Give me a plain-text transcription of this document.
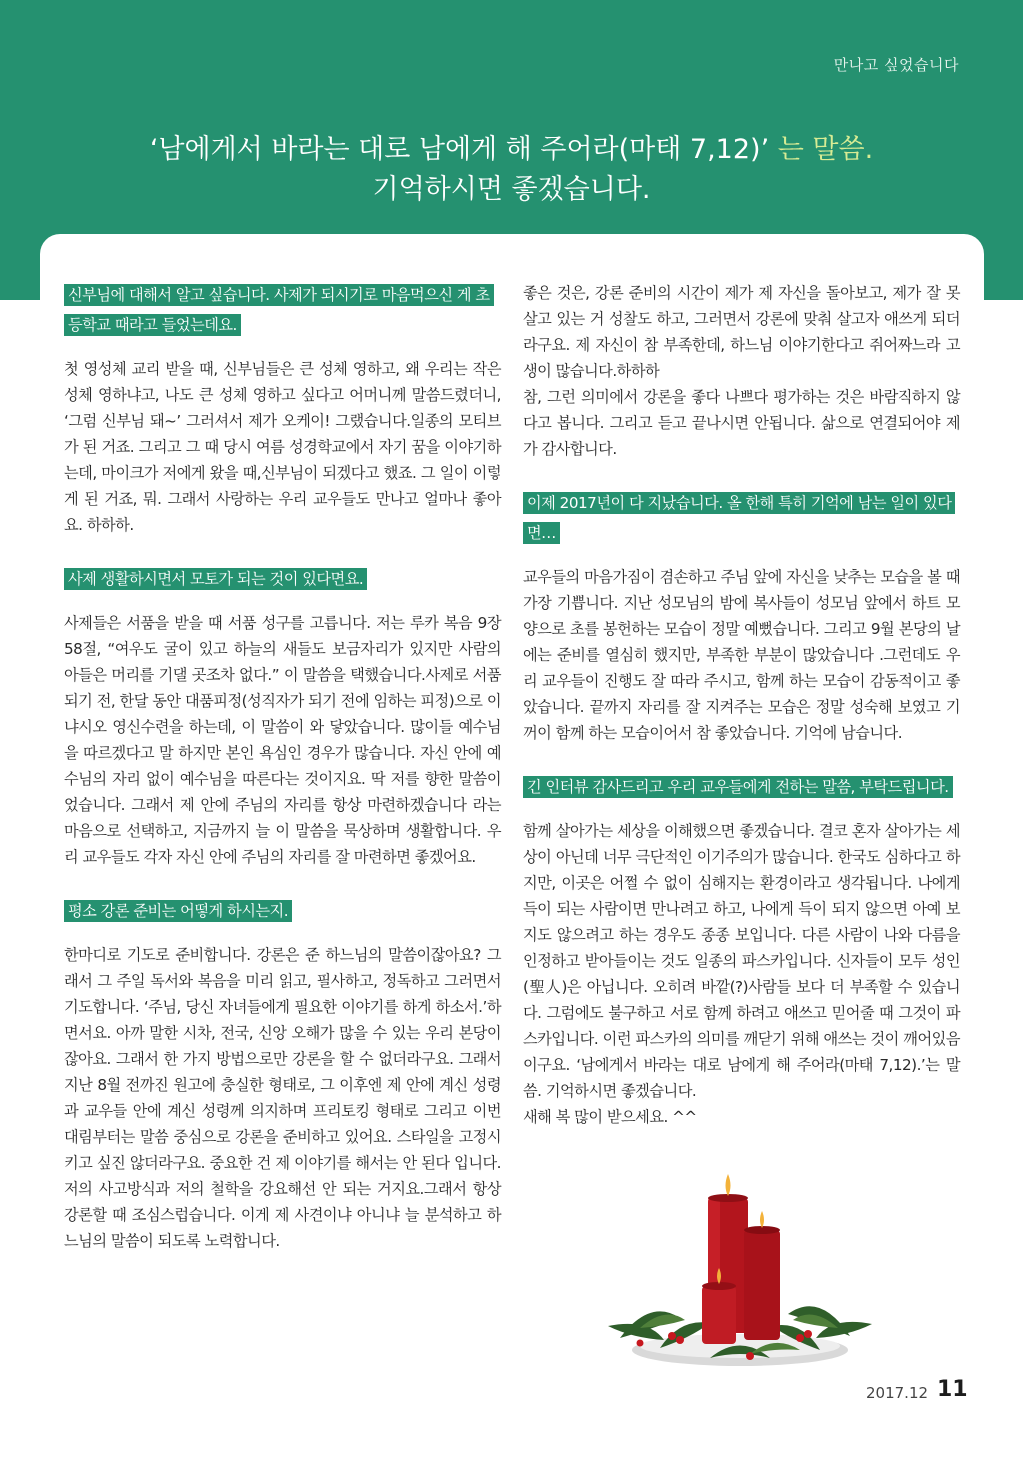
만나고 싶었습니다
‘남에게서 바라는 대로 남에게 해 주어라(마태 7,12)’ 는 말씀.
기억하시면 좋겠습니다.
신부님에 대해서 알고 싶습니다. 사제가 되시기로 마음먹으신 게 초등학교 때라고 들었는데요.

첫 영성체 교리 받을 때, 신부님들은 큰 성체 영하고, 왜 우리는 작은 성체 영하냐고, 나도 큰 성체 영하고 싶다고 어머니께 말씀드렸더니, ‘그럼 신부님 돼~’ 그러셔서 제가 오케이! 그랬습니다.일종의 모티브가 된 거죠. 그리고 그 때 당시 여름 성경학교에서 자기 꿈을 이야기하는데, 마이크가 저에게 왔을 때,신부님이 되겠다고 했죠. 그 일이 이렇게 된 거죠, 뭐. 그래서 사랑하는 우리 교우들도 만나고 얼마나 좋아요. 하하하.

사제 생활하시면서 모토가 되는 것이 있다면요.

사제들은 서품을 받을 때 서품 성구를 고릅니다. 저는 루카 복음 9장 58절, “여우도 굴이 있고 하늘의 새들도 보금자리가 있지만 사람의 아들은 머리를 기댈 곳조차 없다.” 이 말씀을 택했습니다.사제로 서품되기 전, 한달 동안 대품피정(성직자가 되기 전에 임하는 피정)으로 이냐시오 영신수련을 하는데, 이 말씀이 와 닿았습니다. 많이들 예수님을 따르겠다고 말 하지만 본인 욕심인 경우가 많습니다. 자신 안에 예수님의 자리 없이 예수님을 따른다는 것이지요. 딱 저를 향한 말씀이었습니다. 그래서 제 안에 주님의 자리를 항상 마련하겠습니다 라는 마음으로 선택하고, 지금까지 늘 이 말씀을 묵상하며 생활합니다. 우리 교우들도 각자 자신 안에 주님의 자리를 잘 마련하면 좋겠어요.

평소 강론 준비는 어떻게 하시는지.

한마디로 기도로 준비합니다. 강론은 준 하느님의 말씀이잖아요? 그래서 그 주일 독서와 복음을 미리 읽고, 필사하고, 정독하고 그러면서 기도합니다. ‘주님, 당신 자녀들에게 필요한 이야기를 하게 하소서.’하면서요. 아까 말한 시차, 전국, 신앙 오해가 많을 수 있는 우리 본당이잖아요. 그래서 한 가지 방법으로만 강론을 할 수 없더라구요. 그래서 지난 8월 전까진 원고에 충실한 형태로, 그 이후엔 제 안에 계신 성령과 교우들 안에 계신 성령께 의지하며 프리토킹 형태로 그리고 이번 대림부터는 말씀 중심으로 강론을 준비하고 있어요. 스타일을 고정시키고 싶진 않더라구요. 중요한 건 제 이야기를 해서는 안 된다 입니다. 저의 사고방식과 저의 철학을 강요해선 안 되는 거지요.그래서 항상 강론할 때 조심스럽습니다. 이게 제 사견이냐 아니냐 늘 분석하고 하느님의 말씀이 되도록 노력합니다.

좋은 것은, 강론 준비의 시간이 제가 제 자신을 돌아보고, 제가 잘 못 살고 있는 거 성찰도 하고, 그러면서 강론에 맞춰 살고자 애쓰게 되더라구요. 제 자신이 참 부족한데, 하느님 이야기한다고 쥐어짜느라 고생이 많습니다.하하하

참, 그런 의미에서 강론을 좋다 나쁘다 평가하는 것은 바람직하지 않다고 봅니다. 그리고 듣고 끝나시면 안됩니다. 삶으로 연결되어야 제가 감사합니다.

이제 2017년이 다 지났습니다. 올 한해 특히 기억에 남는 일이 있다면…

교우들의 마음가짐이 겸손하고 주님 앞에 자신을 낮추는 모습을 볼 때 가장 기쁩니다. 지난 성모님의 밤에 복사들이 성모님 앞에서 하트 모양으로 초를 봉헌하는 모습이 정말 예뻤습니다. 그리고 9월 본당의 날에는 준비를 열심히 했지만, 부족한 부분이 많았습니다 .그런데도 우리 교우들이 진행도 잘 따라 주시고, 함께 하는 모습이 감동적이고 좋았습니다. 끝까지 자리를 잘 지켜주는 모습은 정말 성숙해 보였고 기꺼이 함께 하는 모습이어서 참 좋았습니다. 기억에 남습니다.

긴 인터뷰 감사드리고 우리 교우들에게 전하는 말씀, 부탁드립니다.

함께 살아가는 세상을 이해했으면 좋겠습니다. 결코 혼자 살아가는 세상이 아닌데 너무 극단적인 이기주의가 많습니다. 한국도 심하다고 하지만, 이곳은 어쩔 수 없이 심해지는 환경이라고 생각됩니다. 나에게 득이 되는 사람이면 만나려고 하고, 나에게 득이 되지 않으면 아예 보지도 않으려고 하는 경우도 종종 보입니다. 다른 사람이 나와 다름을 인정하고 받아들이는 것도 일종의 파스카입니다. 신자들이 모두 성인(聖人)은 아닙니다. 오히려 바깥(?)사람들 보다 더 부족할 수 있습니다. 그럼에도 불구하고 서로 함께 하려고 애쓰고 믿어줄 때 그것이 파스카입니다. 이런 파스카의 의미를 깨닫기 위해 애쓰는 것이 깨어있음 이구요. ‘남에게서 바라는 대로 남에게 해 주어라(마태 7,12).’는 말씀. 기억하시면 좋겠습니다.

새해 복 많이 받으세요. ^^

2017.12 11
